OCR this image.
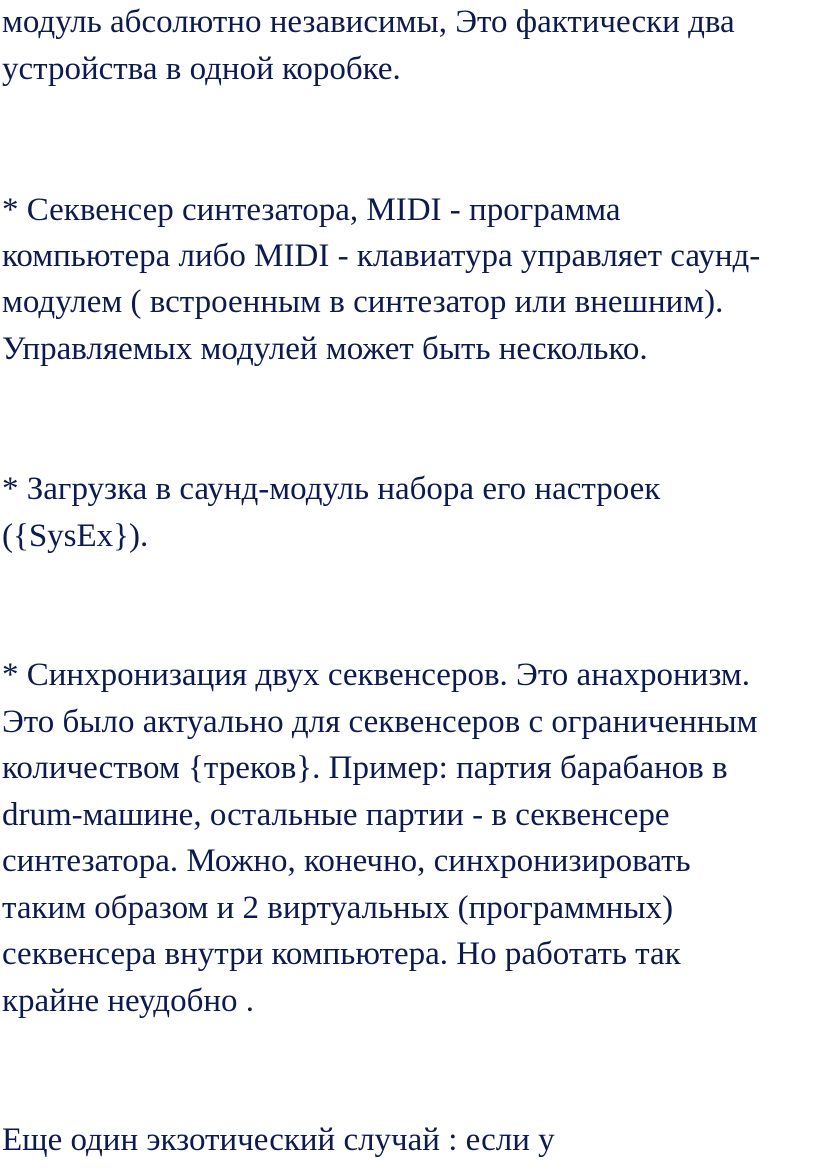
модуль абсолютно независимы, Это фактически два

устройства в одной коробке.

* Секвенсер синтезатора, MIDI - программа

компьютера либо MIDI - клавиатура управляет саунд-

модулем ( встроенным в синтезатор или внешним).

Управляемых модулей может быть несколько.

* Загрузка в саунд-модуль набора его настроек

({SysEx}).

* Синхронизация двух секвенсеров. Это анахронизм.

Это было актуально для секвенсеров с ограниченным

количеством {треков}. Пример: партия барабанов в

drum-машине, остальные партии - в секвенсере

синтезатора. Можно, конечно, синхронизировать

таким образом и 2 виртуальных (программных)

секвенсера внутри компьютера. Но работать так

крайне неудобно .

Еще один экзотический случай : если у
